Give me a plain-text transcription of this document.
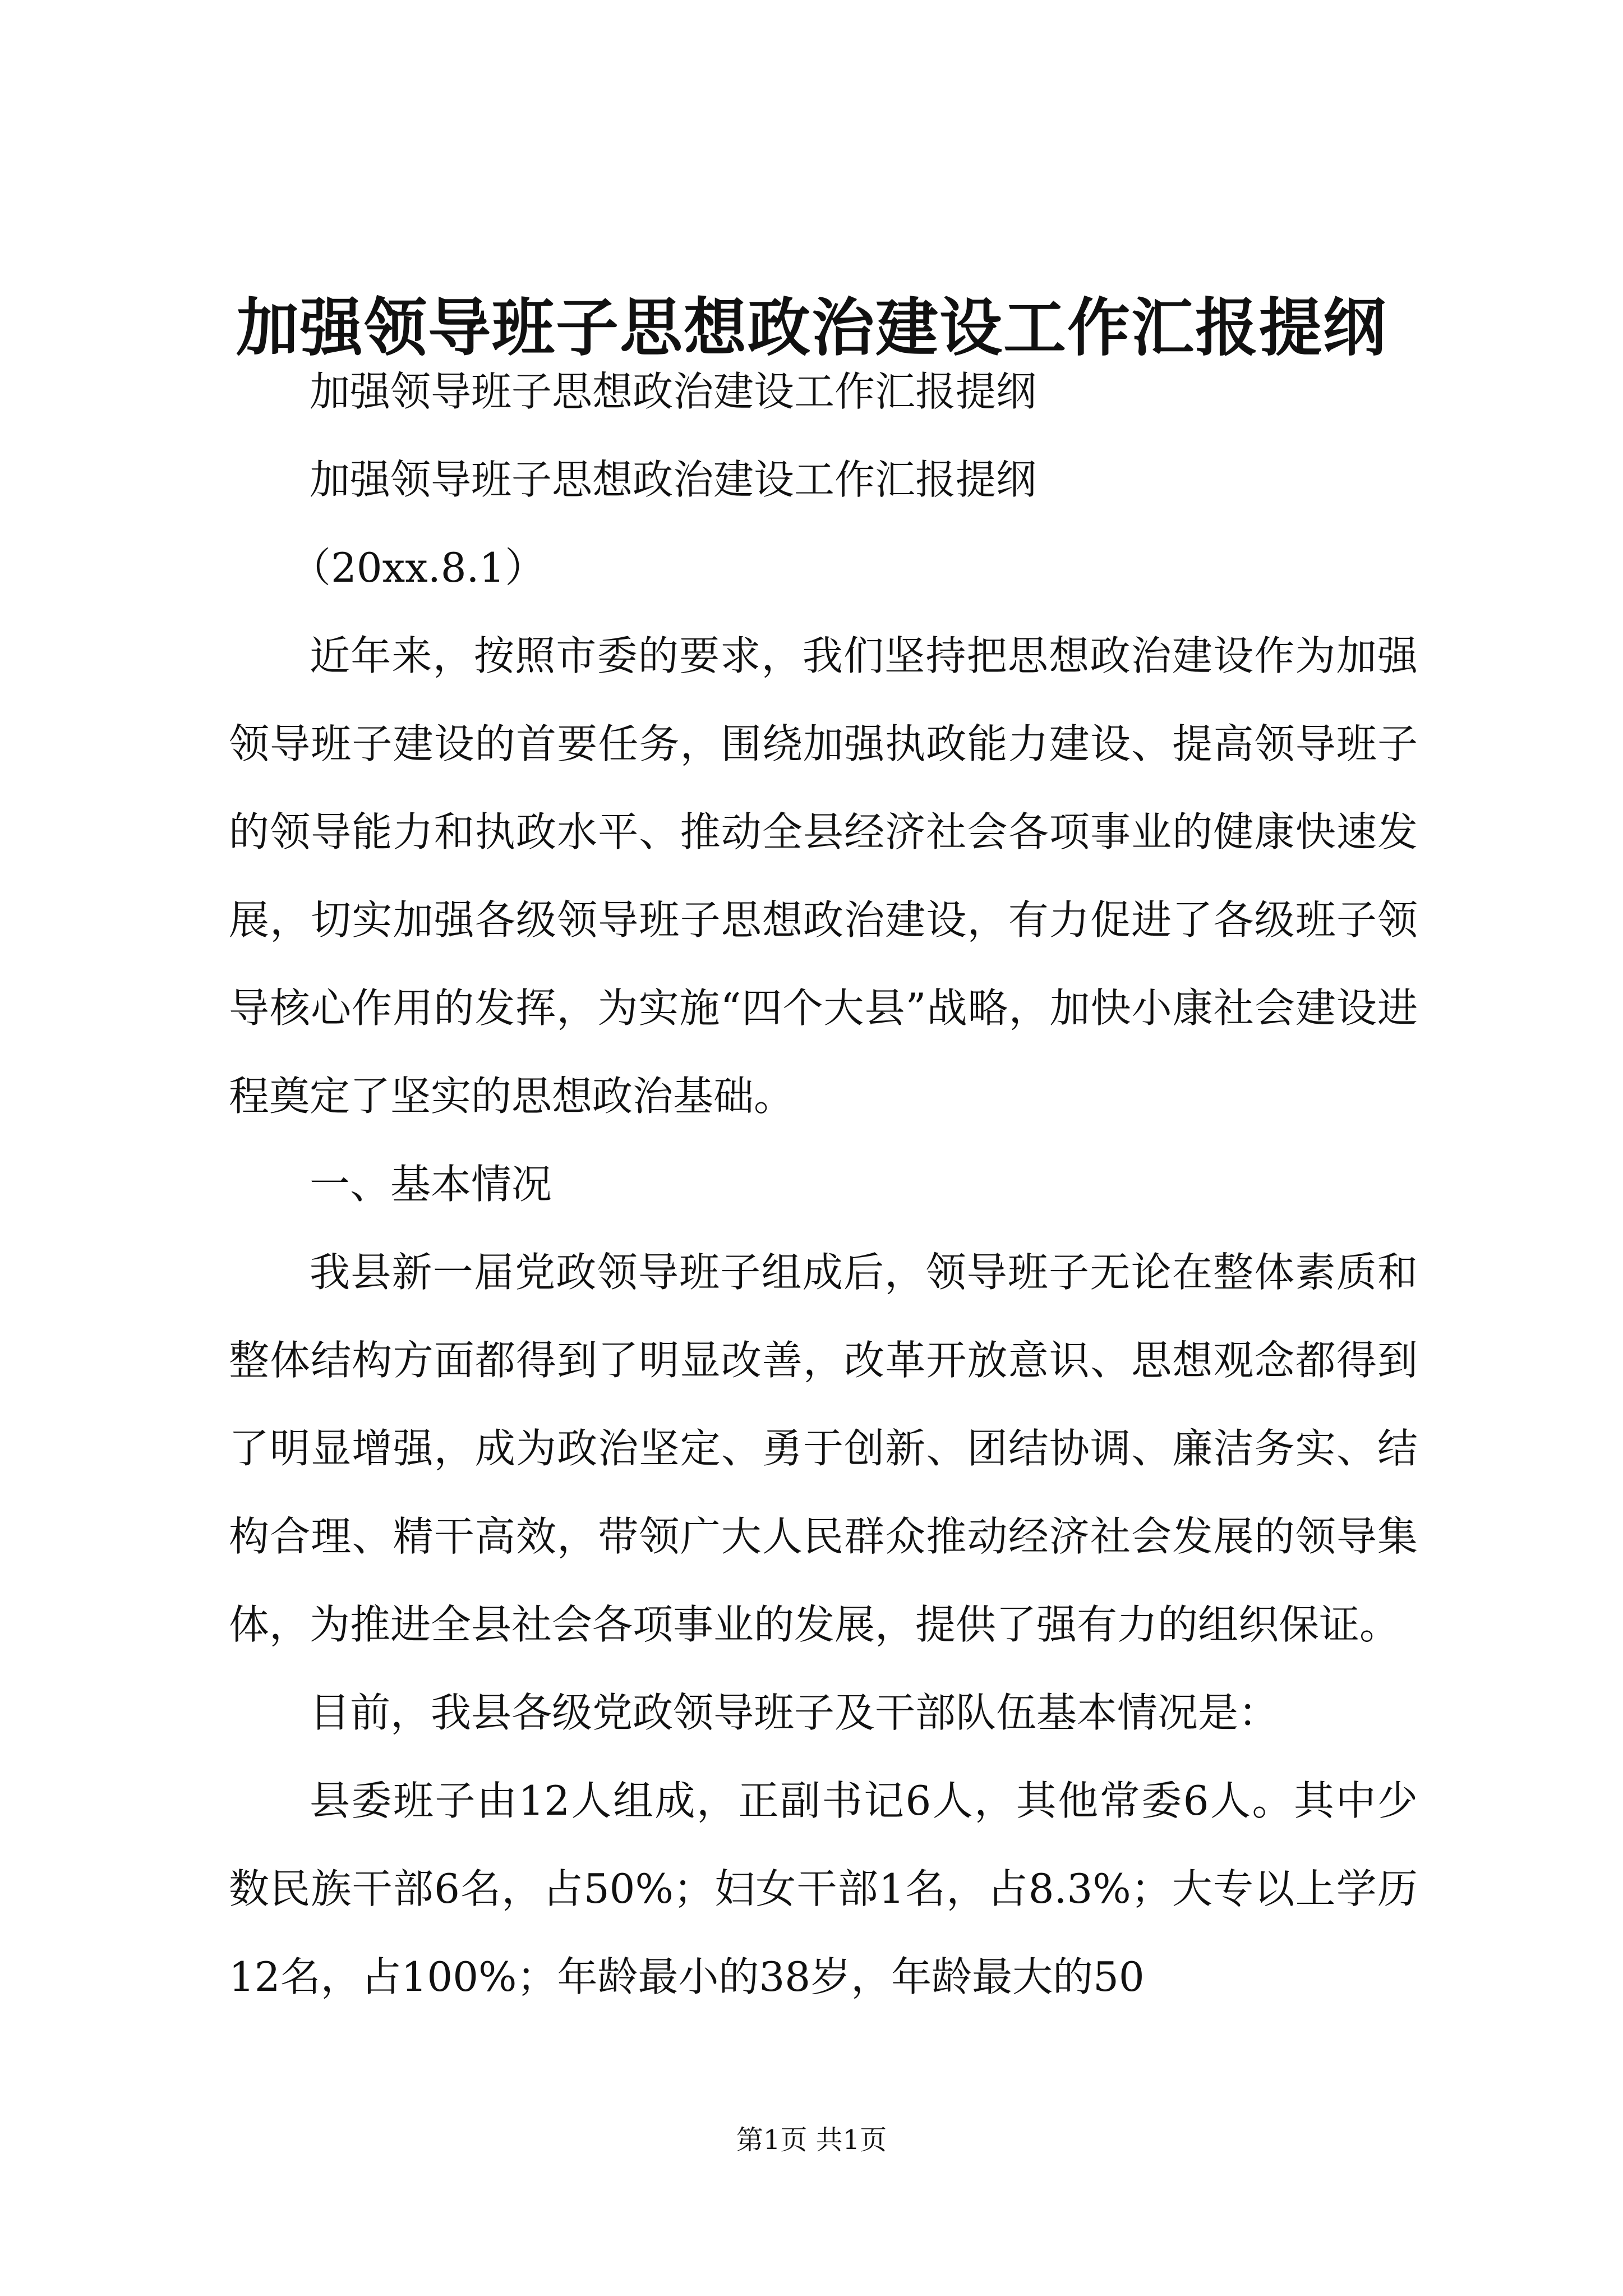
加强领导班子思想政治建设工作汇报提纲

加强领导班子思想政治建设工作汇报提纲

加强领导班子思想政治建设工作汇报提纲

（20xx.8.1）

近年来，按照市委的要求，我们坚持把思想政治建设作为加强领导班子建设的首要任务，围绕加强执政能力建设、提高领导班子的领导能力和执政水平、推动全县经济社会各项事业的健康快速发展，切实加强各级领导班子思想政治建设，有力促进了各级班子领导核心作用的发挥，为实施“四个大县”战略，加快小康社会建设进程奠定了坚实的思想政治基础。

一、基本情况

我县新一届党政领导班子组成后，领导班子无论在整体素质和整体结构方面都得到了明显改善，改革开放意识、思想观念都得到了明显增强，成为政治坚定、勇于创新、团结协调、廉洁务实、结构合理、精干高效，带领广大人民群众推动经济社会发展的领导集体，为推进全县社会各项事业的发展，提供了强有力的组织保证。

目前，我县各级党政领导班子及干部队伍基本情况是：

县委班子由12人组成，正副书记6人，其他常委6人。其中少数民族干部6名，占50%；妇女干部1名，占8.3%；大专以上学历12名，占100%；年龄最小的38岁，年龄最大的50

第1页 共1页
